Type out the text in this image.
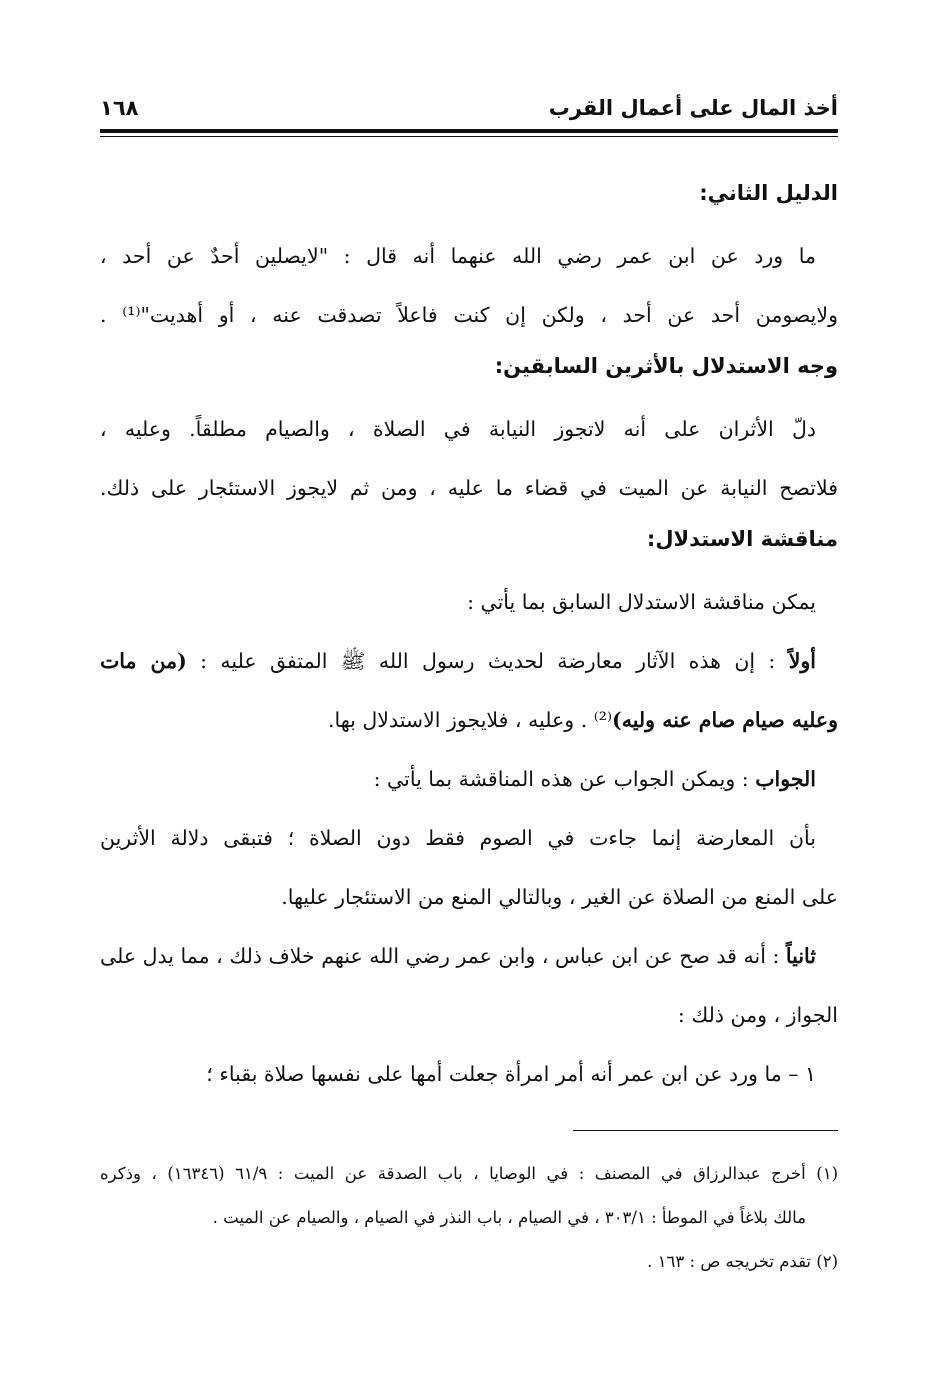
أخذ المال على أعمال القرب
١٦٨
الدليل الثاني:
ما ورد عن ابن عمر رضي الله عنهما أنه قال : "لايصلين أحدٌ عن أحد ،
ولايصومن أحد عن أحد ، ولكن إن كنت فاعلاً تصدقت عنه ، أو أهديت"⁽¹⁾ .
وجه الاستدلال بالأثرين السابقين:
دلّ الأثران على أنه لاتجوز النيابة في الصلاة ، والصيام مطلقاً. وعليه ،
فلاتصح النيابة عن الميت في قضاء ما عليه ، ومن ثم لايجوز الاستئجار على ذلك.
مناقشة الاستدلال:
يمكن مناقشة الاستدلال السابق بما يأتي :
أولاً : إن هذه الآثار معارضة لحديث رسول الله ﷺ المتفق عليه : (من مات
وعليه صيام صام عنه وليه)⁽²⁾ . وعليه ، فلايجوز الاستدلال بها.
الجواب : ويمكن الجواب عن هذه المناقشة بما يأتي :
بأن المعارضة إنما جاءت في الصوم فقط دون الصلاة ؛ فتبقى دلالة الأثرين
على المنع من الصلاة عن الغير ، وبالتالي المنع من الاستئجار عليها.
ثانياً : أنه قد صح عن ابن عباس ، وابن عمر رضي الله عنهم خلاف ذلك ، مما يدل على
الجواز ، ومن ذلك :
١ – ما ورد عن ابن عمر أنه أمر امرأة جعلت أمها على نفسها صلاة بقباء ؛
(١) أخرج عبدالرزاق في المصنف : في الوصايا ، باب الصدقة عن الميت : ٦١/٩ (١٦٣٤٦) ، وذكره
مالك بلاغاً في الموطأ : ٣٠٣/١ ، في الصيام ، باب النذر في الصيام ، والصيام عن الميت .
(٢) تقدم تخريجه ص : ١٦٣ .
